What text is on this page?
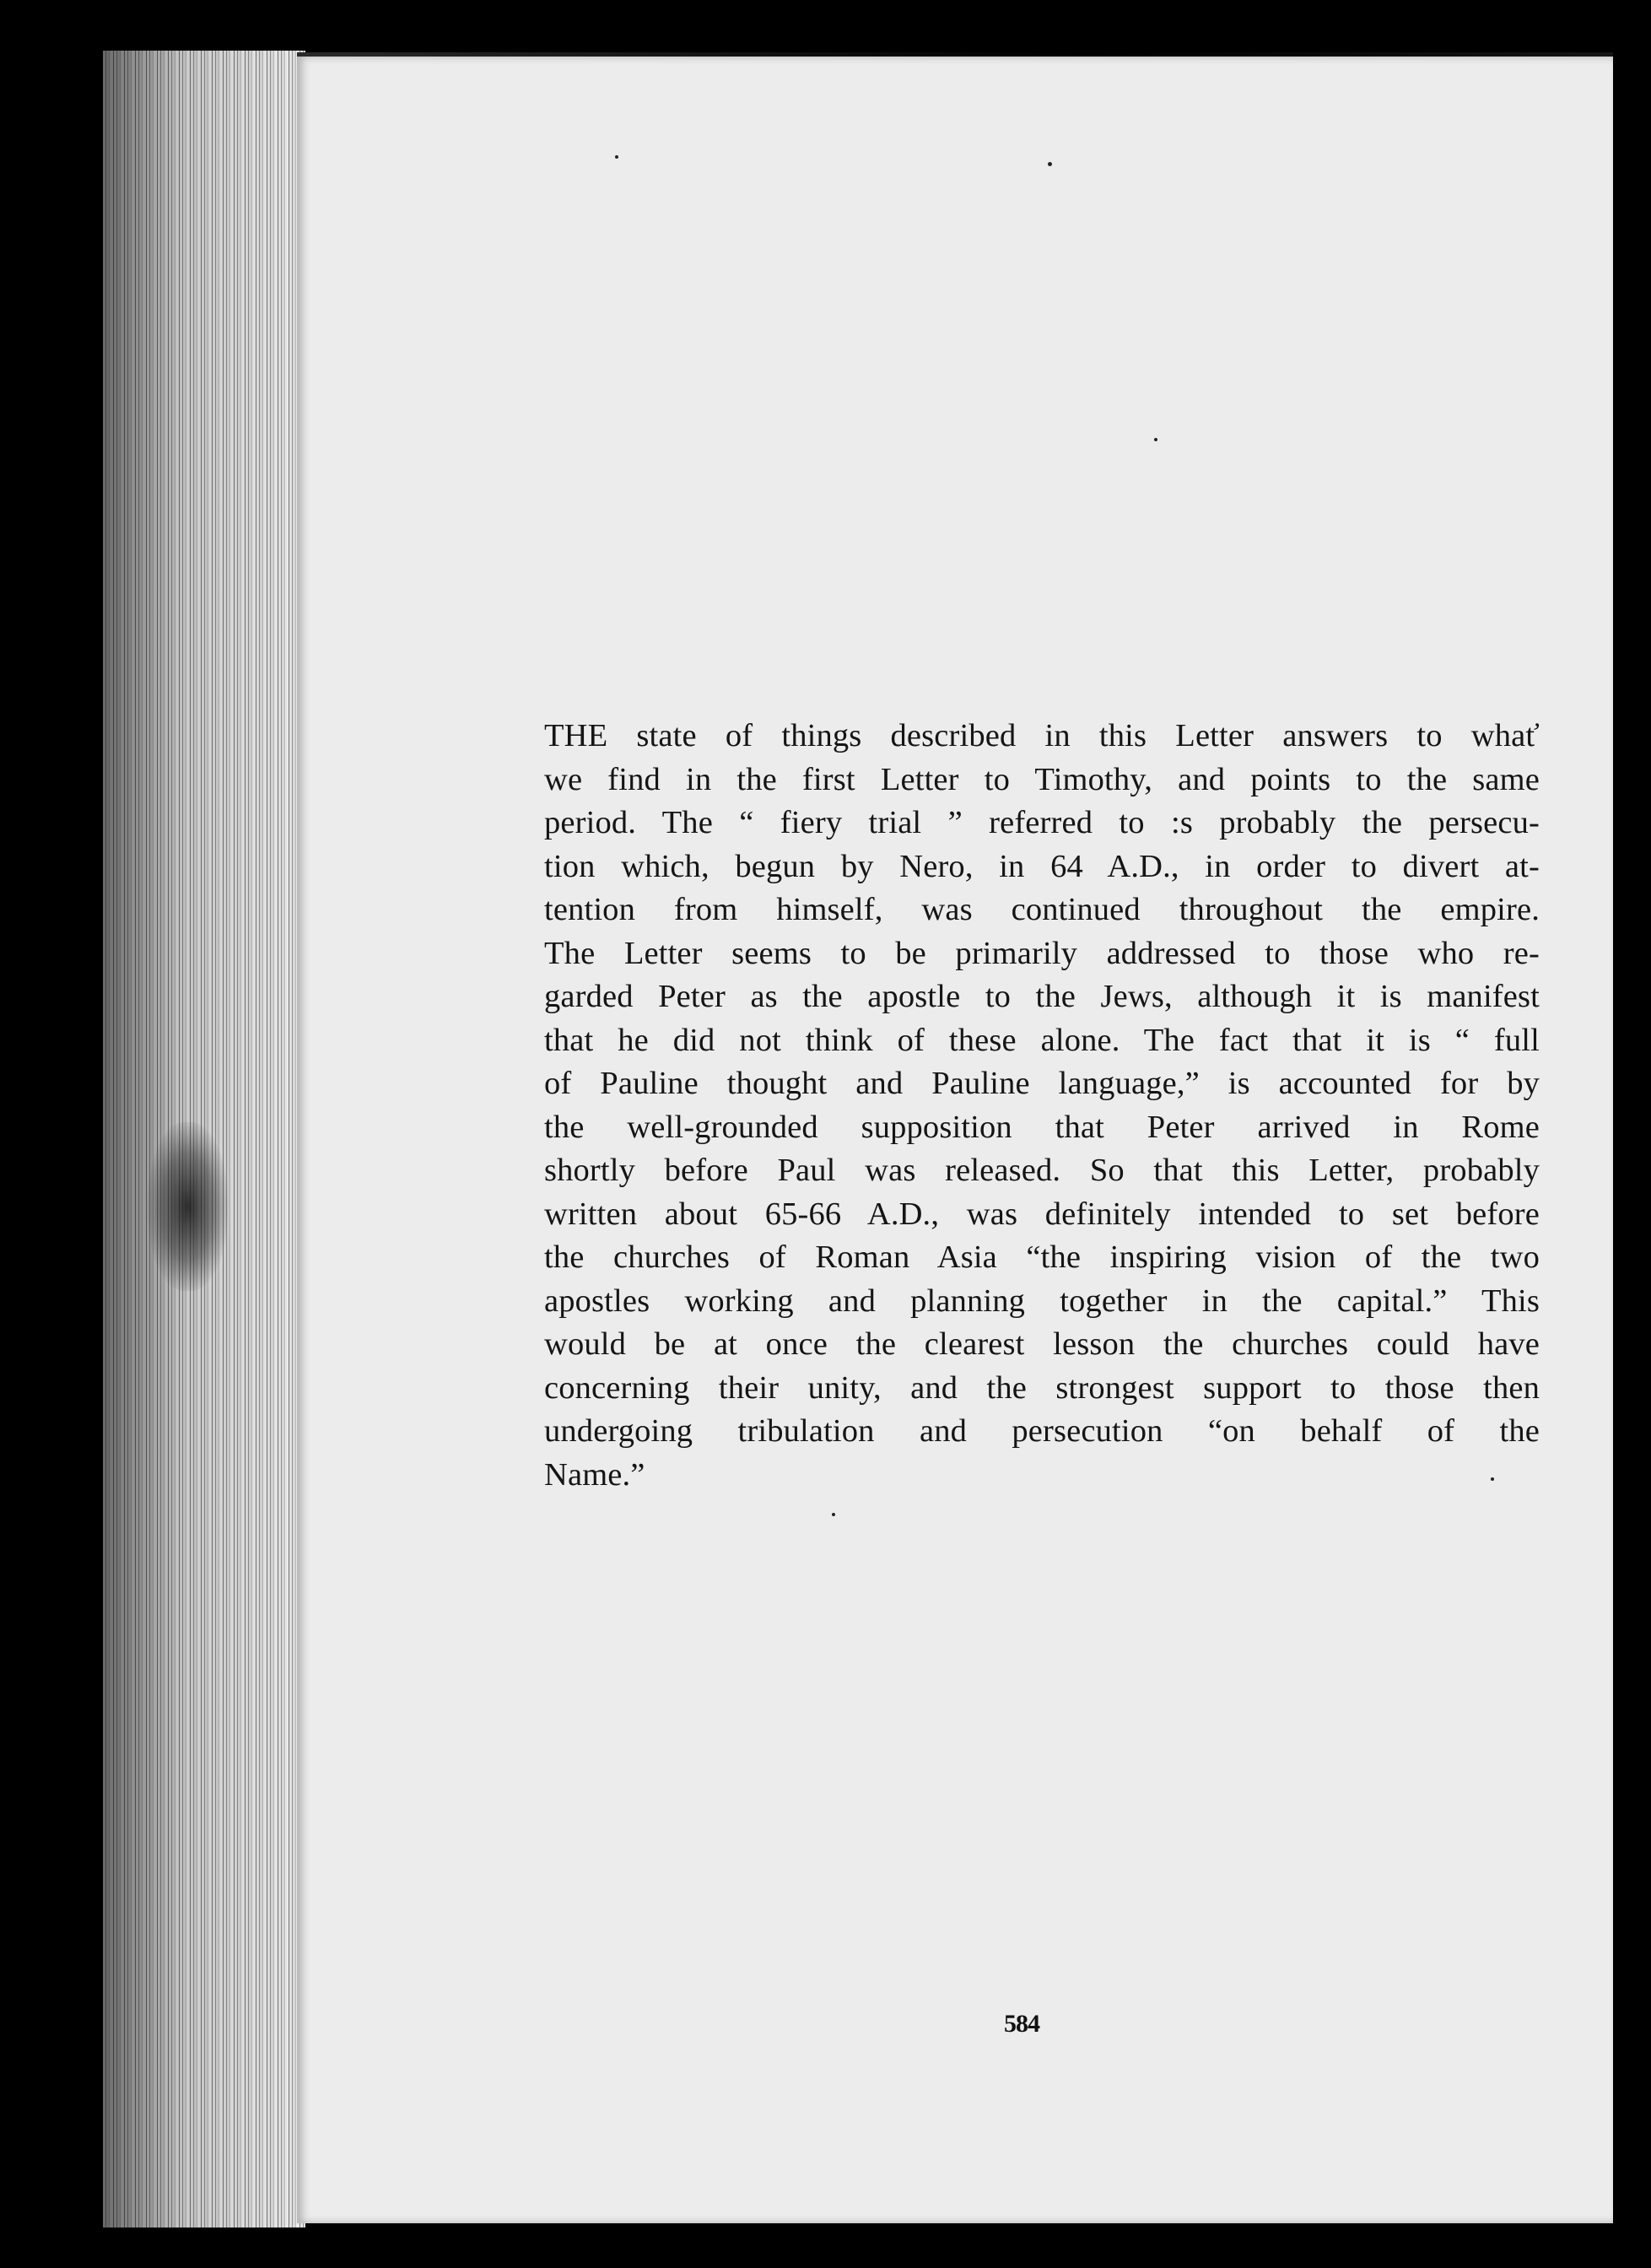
THE state of things described in this Letter answers to whať
we find in the first Letter to Timothy, and points to the same
period. The “ fiery trial ” referred to :s probably the persecu-
tion which, begun by Nero, in 64 A.D., in order to divert at-
tention from himself, was continued throughout the empire.
The Letter seems to be primarily addressed to those who re-
garded Peter as the apostle to the Jews, although it is manifest
that he did not think of these alone. The fact that it is “ full
of Pauline thought and Pauline language,” is accounted for by
the well-grounded supposition that Peter arrived in Rome
shortly before Paul was released. So that this Letter, probably
written about 65-66 A.D., was definitely intended to set before
the churches of Roman Asia “the inspiring vision of the two
apostles working and planning together in the capital.” This
would be at once the clearest lesson the churches could have
concerning their unity, and the strongest support to those then
undergoing tribulation and persecution “on behalf of the
Name.”

584
